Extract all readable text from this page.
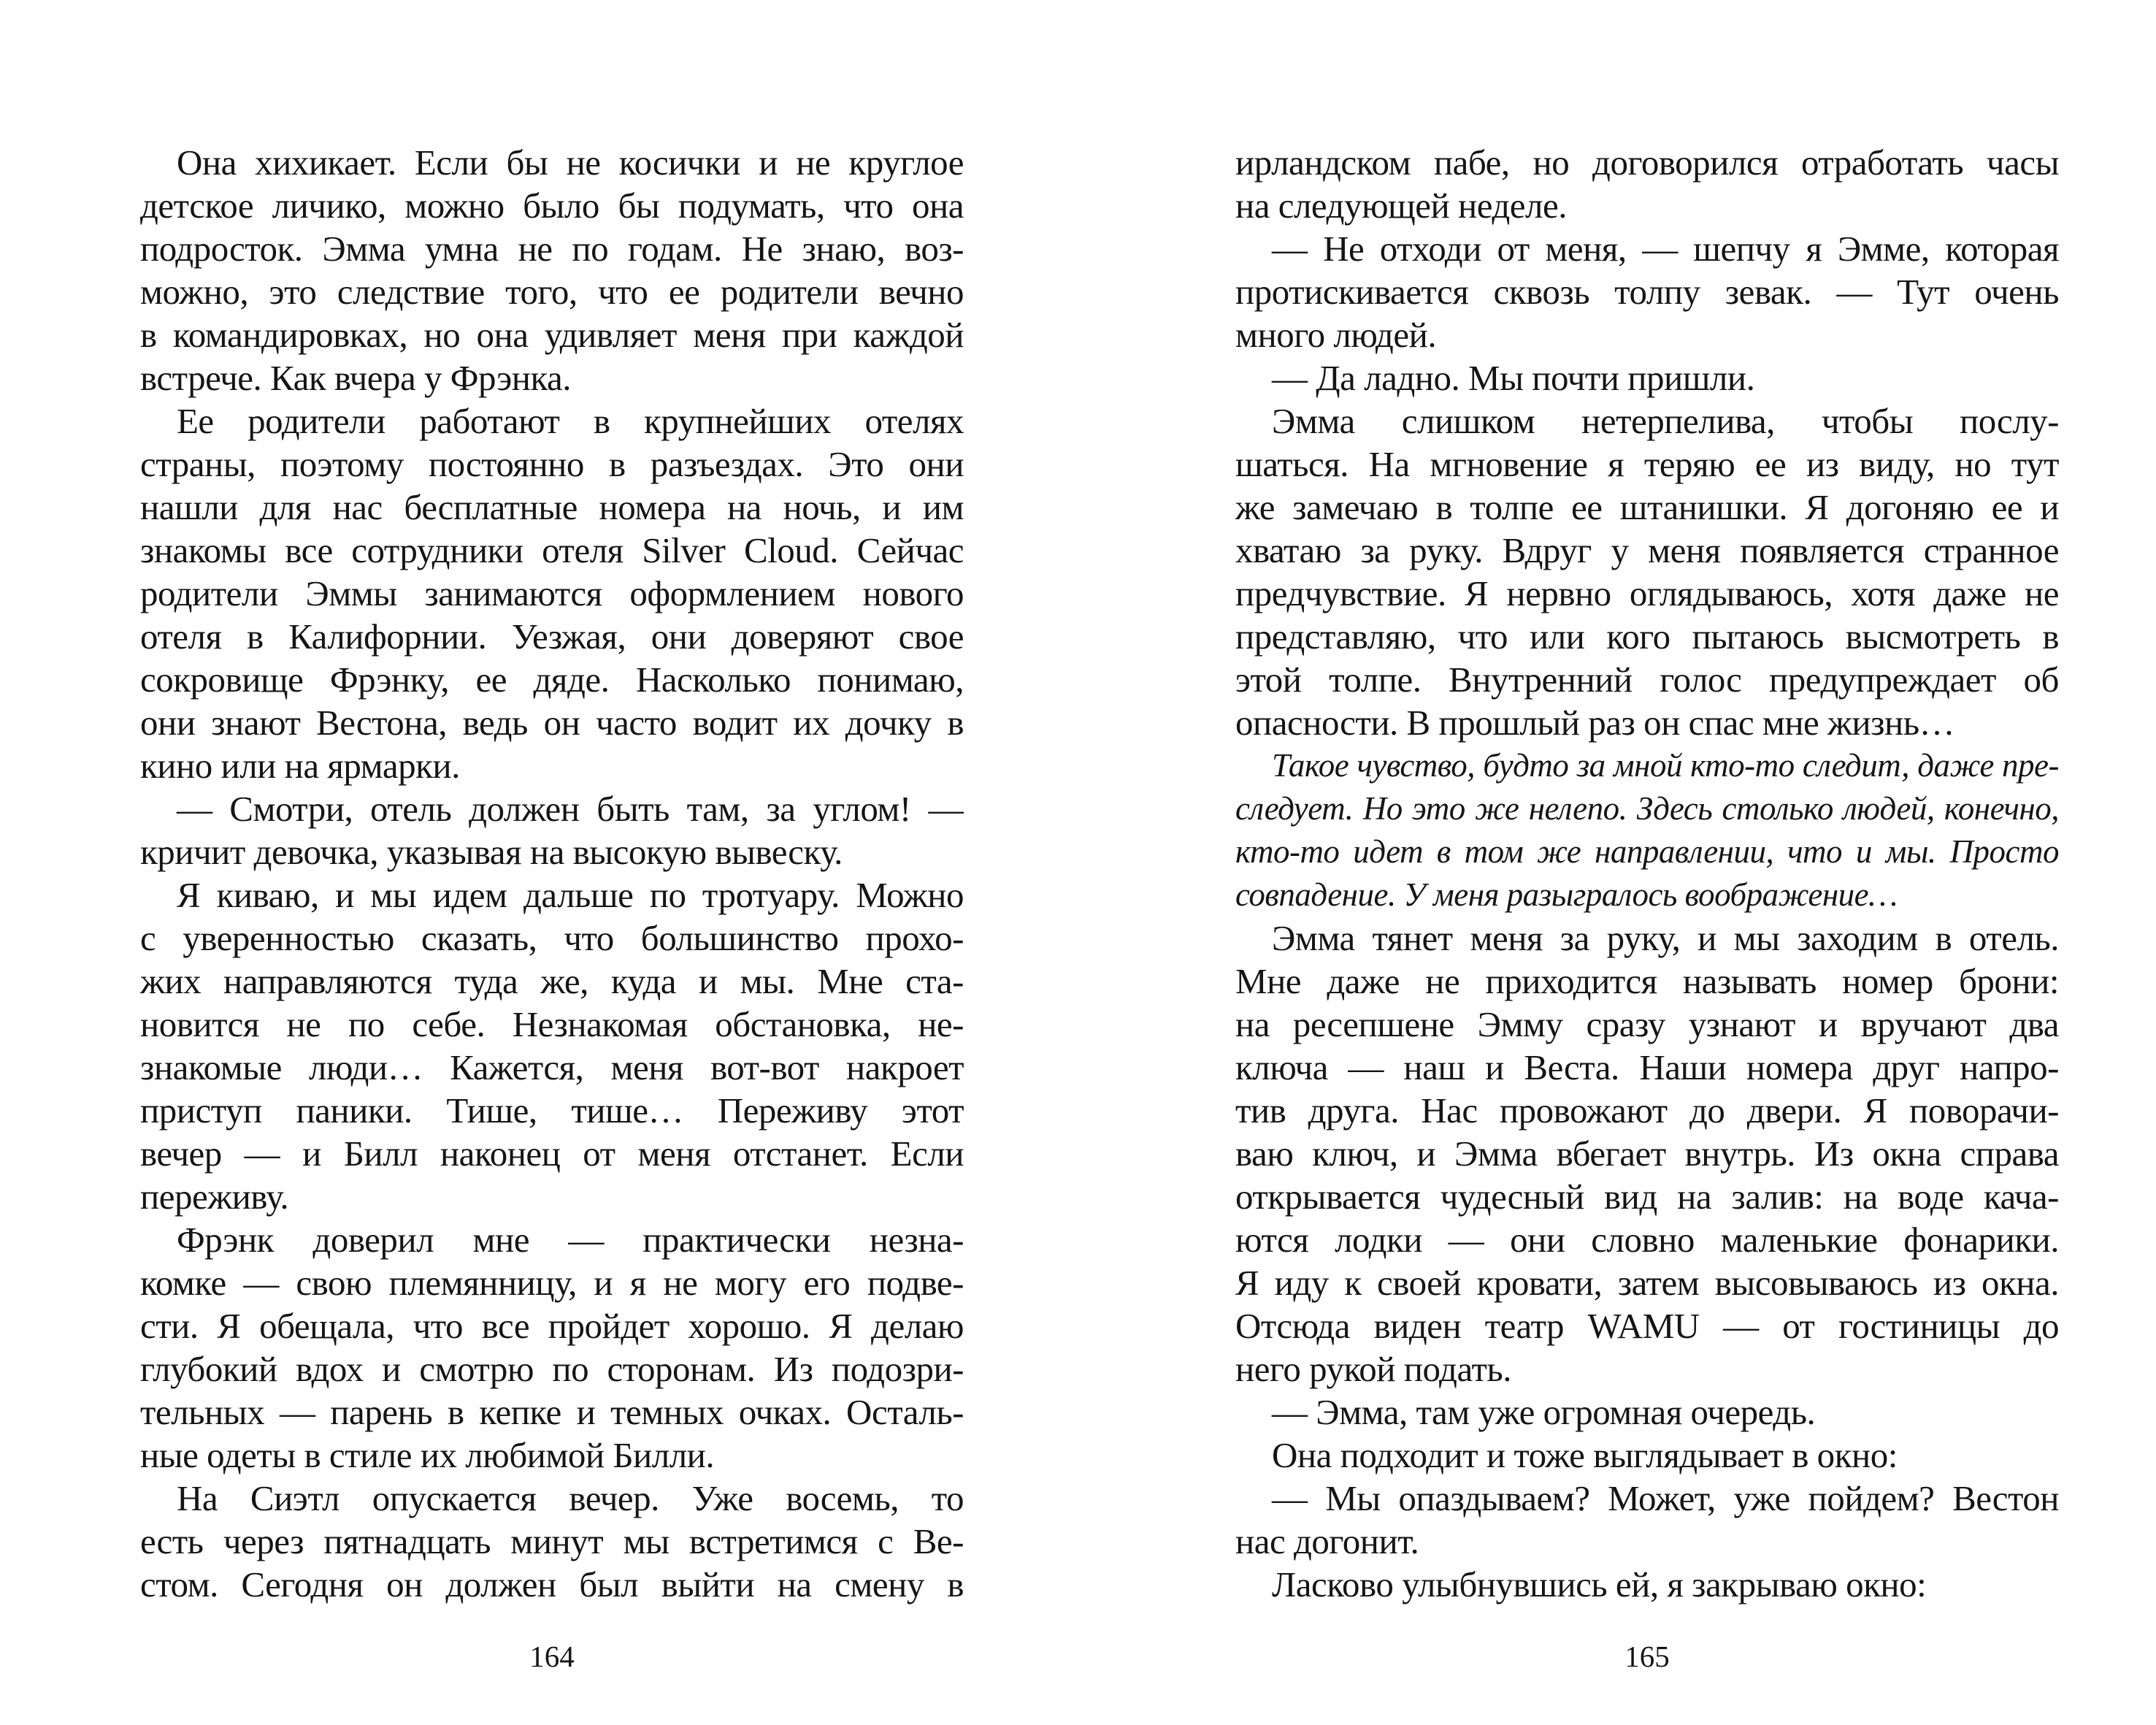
Она хихикает. Если бы не косички и не круглое
детское личико, можно было бы подумать, что она
подросток. Эмма умна не по годам. Не знаю, воз-
можно, это следствие того, что ее родители вечно
в командировках, но она удивляет меня при каждой
встрече. Как вчера у Фрэнка.
Ее родители работают в крупнейших отелях
страны, поэтому постоянно в разъездах. Это они
нашли для нас бесплатные номера на ночь, и им
знакомы все сотрудники отеля Silver Cloud. Сейчас
родители Эммы занимаются оформлением нового
отеля в Калифорнии. Уезжая, они доверяют свое
сокровище Фрэнку, ее дяде. Насколько понимаю,
они знают Вестона, ведь он часто водит их дочку в
кино или на ярмарки.
— Смотри, отель должен быть там, за углом! —
кричит девочка, указывая на высокую вывеску.
Я киваю, и мы идем дальше по тротуару. Можно
с уверенностью сказать, что большинство прохо-
жих направляются туда же, куда и мы. Мне ста-
новится не по себе. Незнакомая обстановка, не-
знакомые люди… Кажется, меня вот-вот накроет
приступ паники. Тише, тише… Переживу этот
вечер — и Билл наконец от меня отстанет. Если
переживу.
Фрэнк доверил мне — практически незна-
комке — свою племянницу, и я не могу его подве-
сти. Я обещала, что все пройдет хорошо. Я делаю
глубокий вдох и смотрю по сторонам. Из подозри-
тельных — парень в кепке и темных очках. Осталь-
ные одеты в стиле их любимой Билли.
На Сиэтл опускается вечер. Уже восемь, то
есть через пятнадцать минут мы встретимся с Ве-
стом. Сегодня он должен был выйти на смену в
164
ирландском пабе, но договорился отработать часы
на следующей неделе.
— Не отходи от меня, — шепчу я Эмме, которая
протискивается сквозь толпу зевак. — Тут очень
много людей.
— Да ладно. Мы почти пришли.
Эмма слишком нетерпелива, чтобы послу-
шаться. На мгновение я теряю ее из виду, но тут
же замечаю в толпе ее штанишки. Я догоняю ее и
хватаю за руку. Вдруг у меня появляется странное
предчувствие. Я нервно оглядываюсь, хотя даже не
представляю, что или кого пытаюсь высмотреть в
этой толпе. Внутренний голос предупреждает об
опасности. В прошлый раз он спас мне жизнь…
Такое чувство, будто за мной кто-то следит, даже пре-
следует. Но это же нелепо. Здесь столько людей, конечно,
кто-то идет в том же направлении, что и мы. Просто
совпадение. У меня разыгралось воображение…
Эмма тянет меня за руку, и мы заходим в отель.
Мне даже не приходится называть номер брони:
на ресепшене Эмму сразу узнают и вручают два
ключа — наш и Веста. Наши номера друг напро-
тив друга. Нас провожают до двери. Я поворачи-
ваю ключ, и Эмма вбегает внутрь. Из окна справа
открывается чудесный вид на залив: на воде кача-
ются лодки — они словно маленькие фонарики.
Я иду к своей кровати, затем высовываюсь из окна.
Отсюда виден театр WAMU — от гостиницы до
него рукой подать.
— Эмма, там уже огромная очередь.
Она подходит и тоже выглядывает в окно:
— Мы опаздываем? Может, уже пойдем? Вестон
нас догонит.
Ласково улыбнувшись ей, я закрываю окно:
165
